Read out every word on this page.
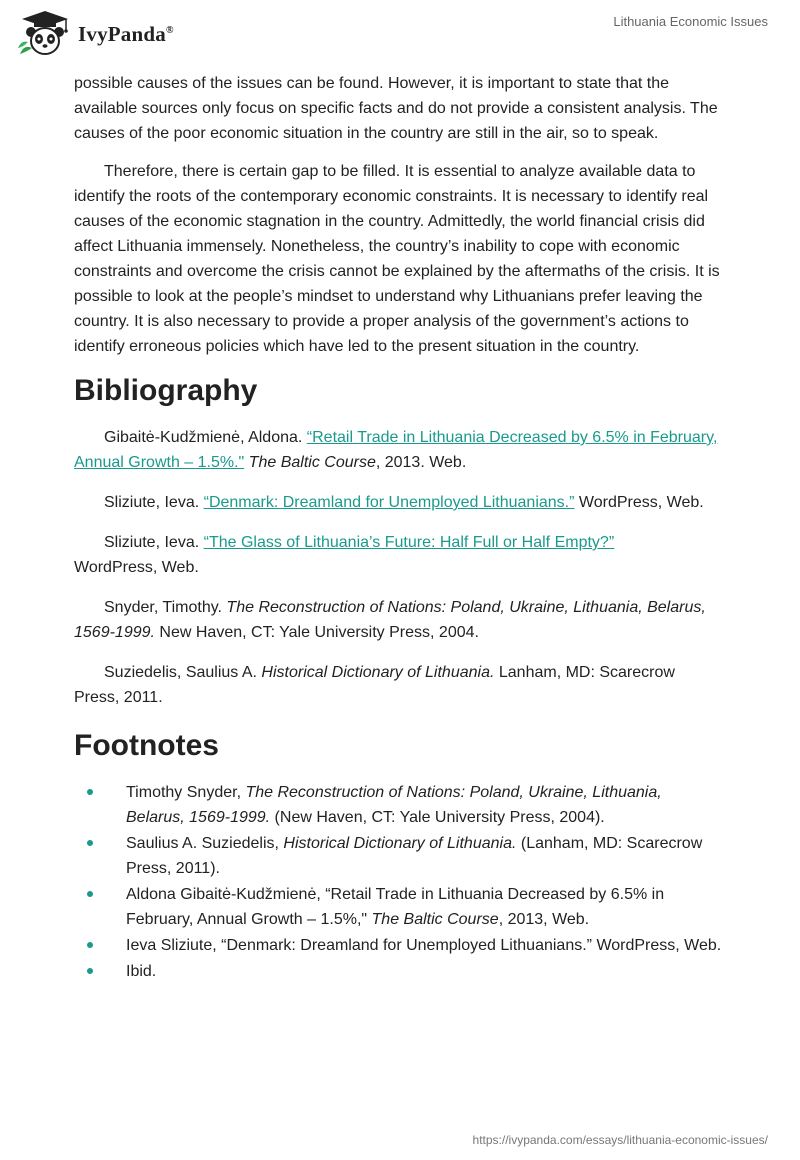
IvyPanda®
Lithuania Economic Issues

possible causes of the issues can be found. However, it is important to state that the available sources only focus on specific facts and do not provide a consistent analysis. The causes of the poor economic situation in the country are still in the air, so to speak.

Therefore, there is certain gap to be filled. It is essential to analyze available data to identify the roots of the contemporary economic constraints. It is necessary to identify real causes of the economic stagnation in the country. Admittedly, the world financial crisis did affect Lithuania immensely. Nonetheless, the country’s inability to cope with economic constraints and overcome the crisis cannot be explained by the aftermaths of the crisis. It is possible to look at the people’s mindset to understand why Lithuanians prefer leaving the country. It is also necessary to provide a proper analysis of the government’s actions to identify erroneous policies which have led to the present situation in the country.

Bibliography
Gibaitė-Kudžmienė, Aldona. “Retail Trade in Lithuania Decreased by 6.5% in February, Annual Growth – 1.5%." The Baltic Course, 2013. Web.
Sliziute, Ieva. “Denmark: Dreamland for Unemployed Lithuanians.” WordPress, Web.
Sliziute, Ieva. “The Glass of Lithuania’s Future: Half Full or Half Empty?”
WordPress, Web.
Snyder, Timothy. The Reconstruction of Nations: Poland, Ukraine, Lithuania, Belarus, 1569-1999. New Haven, CT: Yale University Press, 2004.
Suziedelis, Saulius A. Historical Dictionary of Lithuania. Lanham, MD: Scarecrow Press, 2011.
Footnotes
Timothy Snyder, The Reconstruction of Nations: Poland, Ukraine, Lithuania, Belarus, 1569-1999. (New Haven, CT: Yale University Press, 2004).
Saulius A. Suziedelis, Historical Dictionary of Lithuania. (Lanham, MD: Scarecrow Press, 2011).
Aldona Gibaitė-Kudžmienė, “Retail Trade in Lithuania Decreased by 6.5% in February, Annual Growth – 1.5%," The Baltic Course, 2013, Web.
Ieva Sliziute, “Denmark: Dreamland for Unemployed Lithuanians.” WordPress, Web.
Ibid.
https://ivypanda.com/essays/lithuania-economic-issues/
